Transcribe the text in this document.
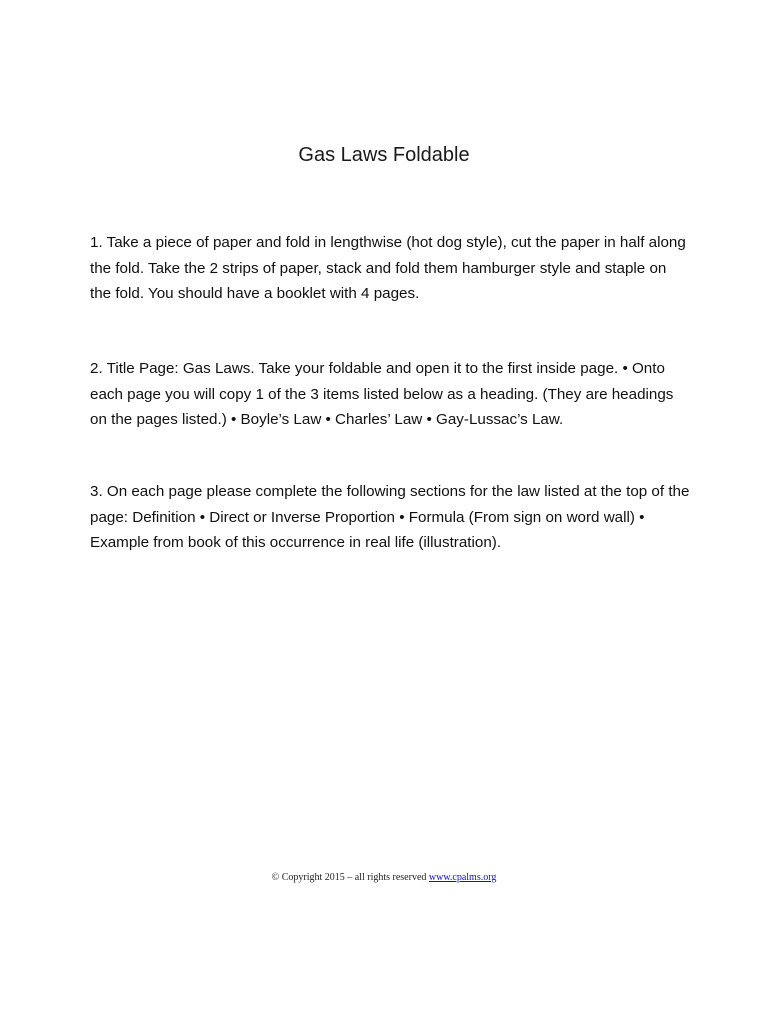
Gas Laws Foldable
1. Take a piece of paper and fold in lengthwise (hot dog style), cut the paper in half along the fold. Take the 2 strips of paper, stack and fold them hamburger style and staple on the fold. You should have a booklet with 4 pages.
2. Title Page: Gas Laws. Take your foldable and open it to the first inside page. • Onto each page you will copy 1 of the 3 items listed below as a heading. (They are headings on the pages listed.) • Boyle’s Law • Charles’ Law • Gay-Lussac’s Law.
3. On each page please complete the following sections for the law listed at the top of the page: Definition • Direct or Inverse Proportion • Formula (From sign on word wall) • Example from book of this occurrence in real life (illustration).
© Copyright 2015 – all rights reserved www.cpalms.org
